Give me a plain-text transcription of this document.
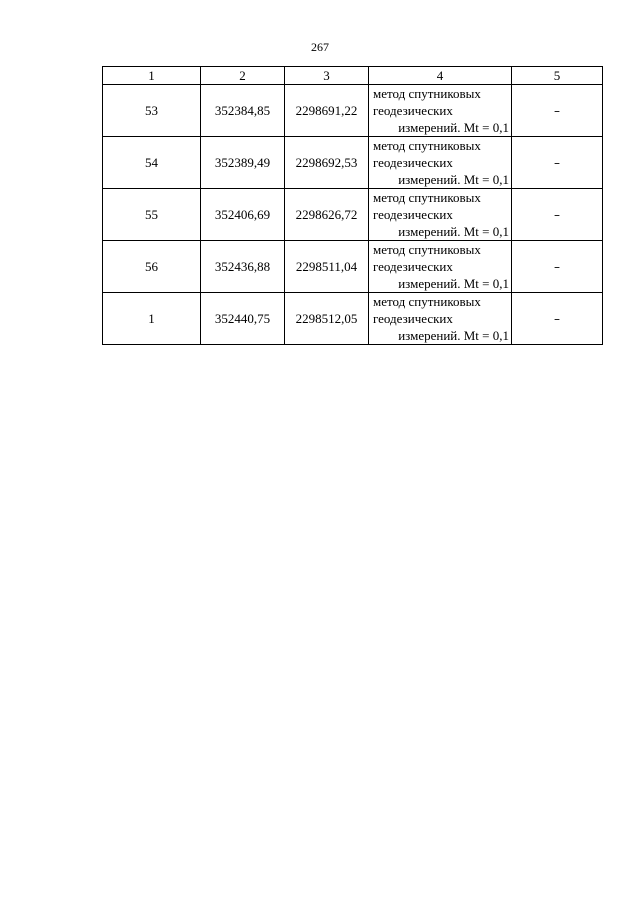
267
1	2	3	4	5
53	352384,85	2298691,22	метод спутниковых
геодезических
измерений. Mt = 0,1	–
54	352389,49	2298692,53	метод спутниковых
геодезических
измерений. Mt = 0,1	–
55	352406,69	2298626,72	метод спутниковых
геодезических
измерений. Mt = 0,1	–
56	352436,88	2298511,04	метод спутниковых
геодезических
измерений. Mt = 0,1	–
1	352440,75	2298512,05	метод спутниковых
геодезических
измерений. Mt = 0,1	–
